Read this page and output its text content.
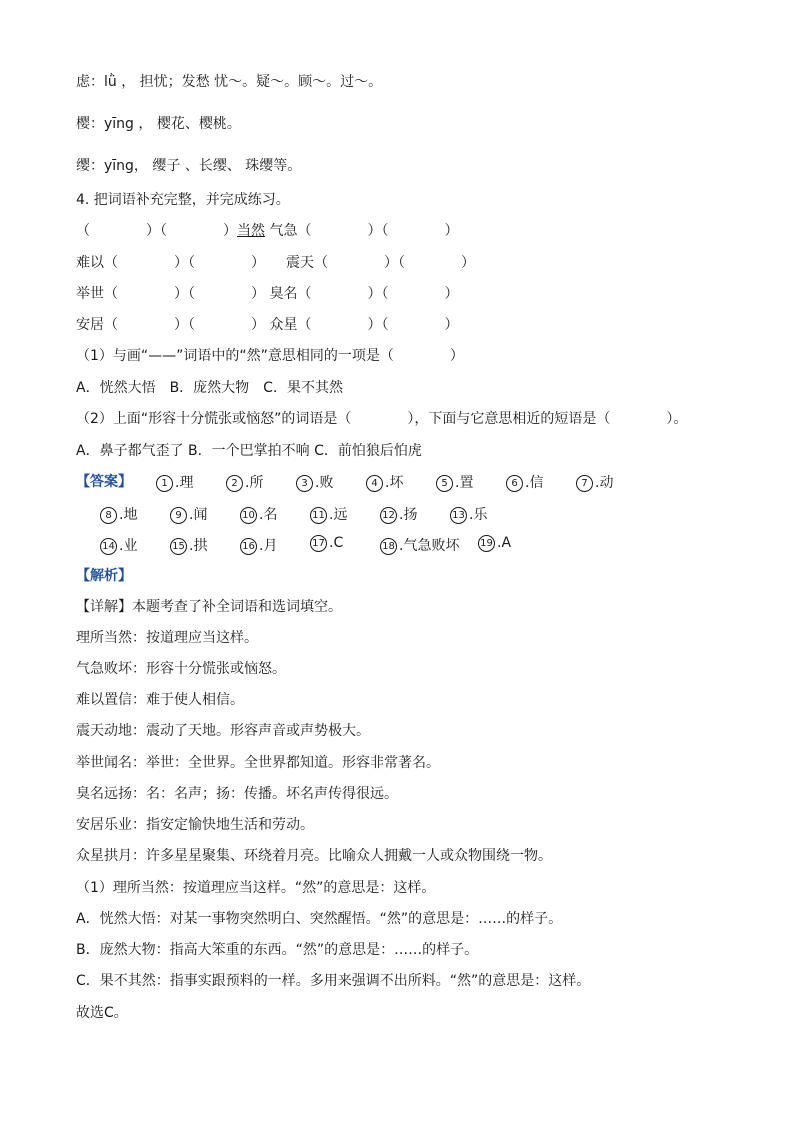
虑：lǜ ， 担忧；发愁 忧～。疑～。顾～。过～。
樱：yīng ， 樱花、樱桃。
缨：yīng， 缨子 、长缨、 珠缨等。
4. 把词语补充完整，并完成练习。
（　　　　）（　　　　）当然 气急（　　　　）（　　　　）
难以（　　　　）（　　　　）　　震天（　　　　）（　　　　）
举世（　　　　）（　　　　） 臭名（　　　　）（　　　　）
安居（　　　　）（　　　　） 众星（　　　　）（　　　　）
（1）与画“——”词语中的“然”意思相同的一项是（　　　　）
A．恍然大悟　B．庞然大物　C．果不其然
（2）上面“形容十分慌张或恼怒”的词语是（　　　　），下面与它意思相近的短语是（　　　　）。
A．鼻子都气歪了 B．一个巴掌拍不响 C．前怕狼后怕虎
【答案】	1 .理	2 .所	3 .败	4 .坏	5 .置	6 .信	7 .动
8 .地	9 .闻	10 .名	11 .远	12 .扬	13 .乐
14 .业	15 .拱	16 .月	17 .C	18 .气急败坏 19 .A
【解析】
【详解】本题考查了补全词语和选词填空。
理所当然：按道理应当这样。
气急败坏：形容十分慌张或恼怒。
难以置信：难于使人相信。
震天动地：震动了天地。形容声音或声势极大。
举世闻名：举世：全世界。全世界都知道。形容非常著名。
臭名远扬：名：名声；扬：传播。坏名声传得很远。
安居乐业：指安定愉快地生活和劳动。
众星拱月：许多星星聚集、环绕着月亮。比喻众人拥戴一人或众物围绕一物。
（1）理所当然：按道理应当这样。“然”的意思是：这样。
A．恍然大悟：对某一事物突然明白、突然醒悟。“然”的意思是：……的样子。
B．庞然大物：指高大笨重的东西。“然”的意思是：……的样子。
C．果不其然：指事实跟预料的一样。多用来强调不出所料。“然”的意思是：这样。
故选C。
